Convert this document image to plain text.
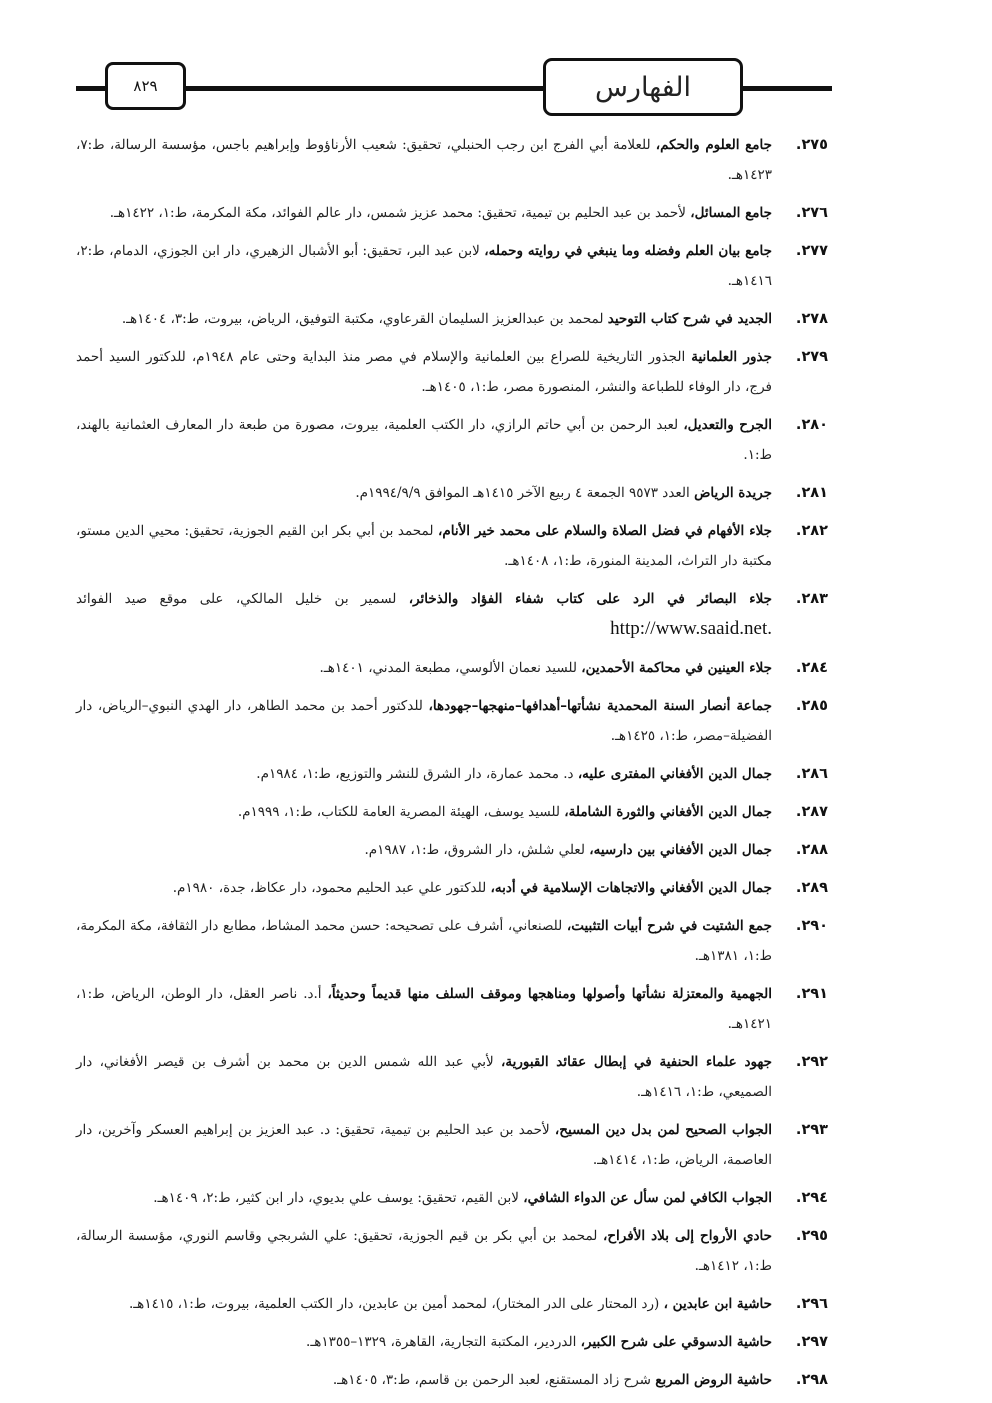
الفهارس
٨٢٩
٢٧٥.
جامع العلوم والحكم، للعلامة أبي الفرج ابن رجب الحنبلي، تحقيق: شعيب الأرناؤوط وإبراهيم باجس، مؤسسة الرسالة، ط:٧، ١٤٢٣هـ.
٢٧٦.
جامع المسائل، لأحمد بن عبد الحليم بن تيمية، تحقيق: محمد عزيز شمس، دار عالم الفوائد، مكة المكرمة، ط:١، ١٤٢٢هـ.
٢٧٧.
جامع بيان العلم وفضله وما ينبغي في روايته وحمله، لابن عبد البر، تحقيق: أبو الأشبال الزهيري، دار ابن الجوزي، الدمام، ط:٢، ١٤١٦هـ.
٢٧٨.
الجديد في شرح كتاب التوحيد لمحمد بن عبدالعزيز السليمان القرعاوي، مكتبة التوفيق، الرياض، بيروت، ط:٣، ١٤٠٤هـ.
٢٧٩.
جذور العلمانية الجذور التاريخية للصراع بين العلمانية والإسلام في مصر منذ البداية وحتى عام ١٩٤٨م، للدكتور السيد أحمد فرج، دار الوفاء للطباعة والنشر، المنصورة مصر، ط:١، ١٤٠٥هـ.
٢٨٠.
الجرح والتعديل، لعبد الرحمن بن أبي حاتم الرازي، دار الكتب العلمية، بيروت، مصورة من طبعة دار المعارف العثمانية بالهند، ط:١.
٢٨١.
جريدة الرياض العدد ٩٥٧٣ الجمعة ٤ ربيع الآخر ١٤١٥هـ الموافق ١٩٩٤/٩/٩م.
٢٨٢.
جلاء الأفهام في فضل الصلاة والسلام على محمد خير الأنام، لمحمد بن أبي بكر ابن القيم الجوزية، تحقيق: محيي الدين مستو، مكتبة دار التراث، المدينة المنورة، ط:١، ١٤٠٨هـ.
٢٨٣.
جلاء البصائر في الرد على كتاب شفاء الفؤاد والذخائر، لسمير بن خليل المالكي، على موقع صيد الفوائد http://www.saaid.net.
٢٨٤.
جلاء العينين في محاكمة الأحمدين، للسيد نعمان الألوسي، مطبعة المدني، ١٤٠١هـ.
٢٨٥.
جماعة أنصار السنة المحمدية نشأتها–أهدافها–منهجها–جهودها، للدكتور أحمد بن محمد الطاهر، دار الهدي النبوي–الرياض، دار الفضيلة–مصر، ط:١، ١٤٢٥هـ.
٢٨٦.
جمال الدين الأفغاني المفترى عليه، د. محمد عمارة، دار الشرق للنشر والتوزيع، ط:١، ١٩٨٤م.
٢٨٧.
جمال الدين الأفغاني والثورة الشاملة، للسيد يوسف، الهيئة المصرية العامة للكتاب، ط:١، ١٩٩٩م.
٢٨٨.
جمال الدين الأفغاني بين دارسيه، لعلي شلش، دار الشروق، ط:١، ١٩٨٧م.
٢٨٩.
جمال الدين الأفغاني والاتجاهات الإسلامية في أدبه، للدكتور علي عبد الحليم محمود، دار عكاظ، جدة، ١٩٨٠م.
٢٩٠.
جمع الشتيت في شرح أبيات التثبيت، للصنعاني، أشرف على تصحيحه: حسن محمد المشاط، مطابع دار الثقافة، مكة المكرمة، ط:١، ١٣٨١هـ.
٢٩١.
الجهمية والمعتزلة نشأتها وأصولها ومناهجها وموقف السلف منها قديماً وحديثاً، أ.د. ناصر العقل، دار الوطن، الرياض، ط:١، ١٤٢١هـ.
٢٩٢.
جهود علماء الحنفية في إبطال عقائد القبورية، لأبي عبد الله شمس الدين بن محمد بن أشرف بن قيصر الأفغاني، دار الصميعي، ط:١، ١٤١٦هـ.
٢٩٣.
الجواب الصحيح لمن بدل دين المسيح، لأحمد بن عبد الحليم بن تيمية، تحقيق: د. عبد العزيز بن إبراهيم العسكر وآخرين، دار العاصمة، الرياض، ط:١، ١٤١٤هـ.
٢٩٤.
الجواب الكافي لمن سأل عن الدواء الشافي، لابن القيم، تحقيق: يوسف علي بديوي، دار ابن كثير، ط:٢، ١٤٠٩هـ.
٢٩٥.
حادي الأرواح إلى بلاد الأفراح، لمحمد بن أبي بكر بن قيم الجوزية، تحقيق: علي الشربجي وقاسم النوري، مؤسسة الرسالة، ط:١، ١٤١٢هـ.
٢٩٦.
حاشية ابن عابدين ، (رد المحتار على الدر المختار)، لمحمد أمين بن عابدين، دار الكتب العلمية، بيروت، ط:١، ١٤١٥هـ.
٢٩٧.
حاشية الدسوقي على شرح الكبير، الدردير، المكتبة التجارية، القاهرة، ١٣٢٩–١٣٥٥هـ.
٢٩٨.
حاشية الروض المربع شرح زاد المستقنع، لعبد الرحمن بن قاسم، ط:٣، ١٤٠٥هـ.
